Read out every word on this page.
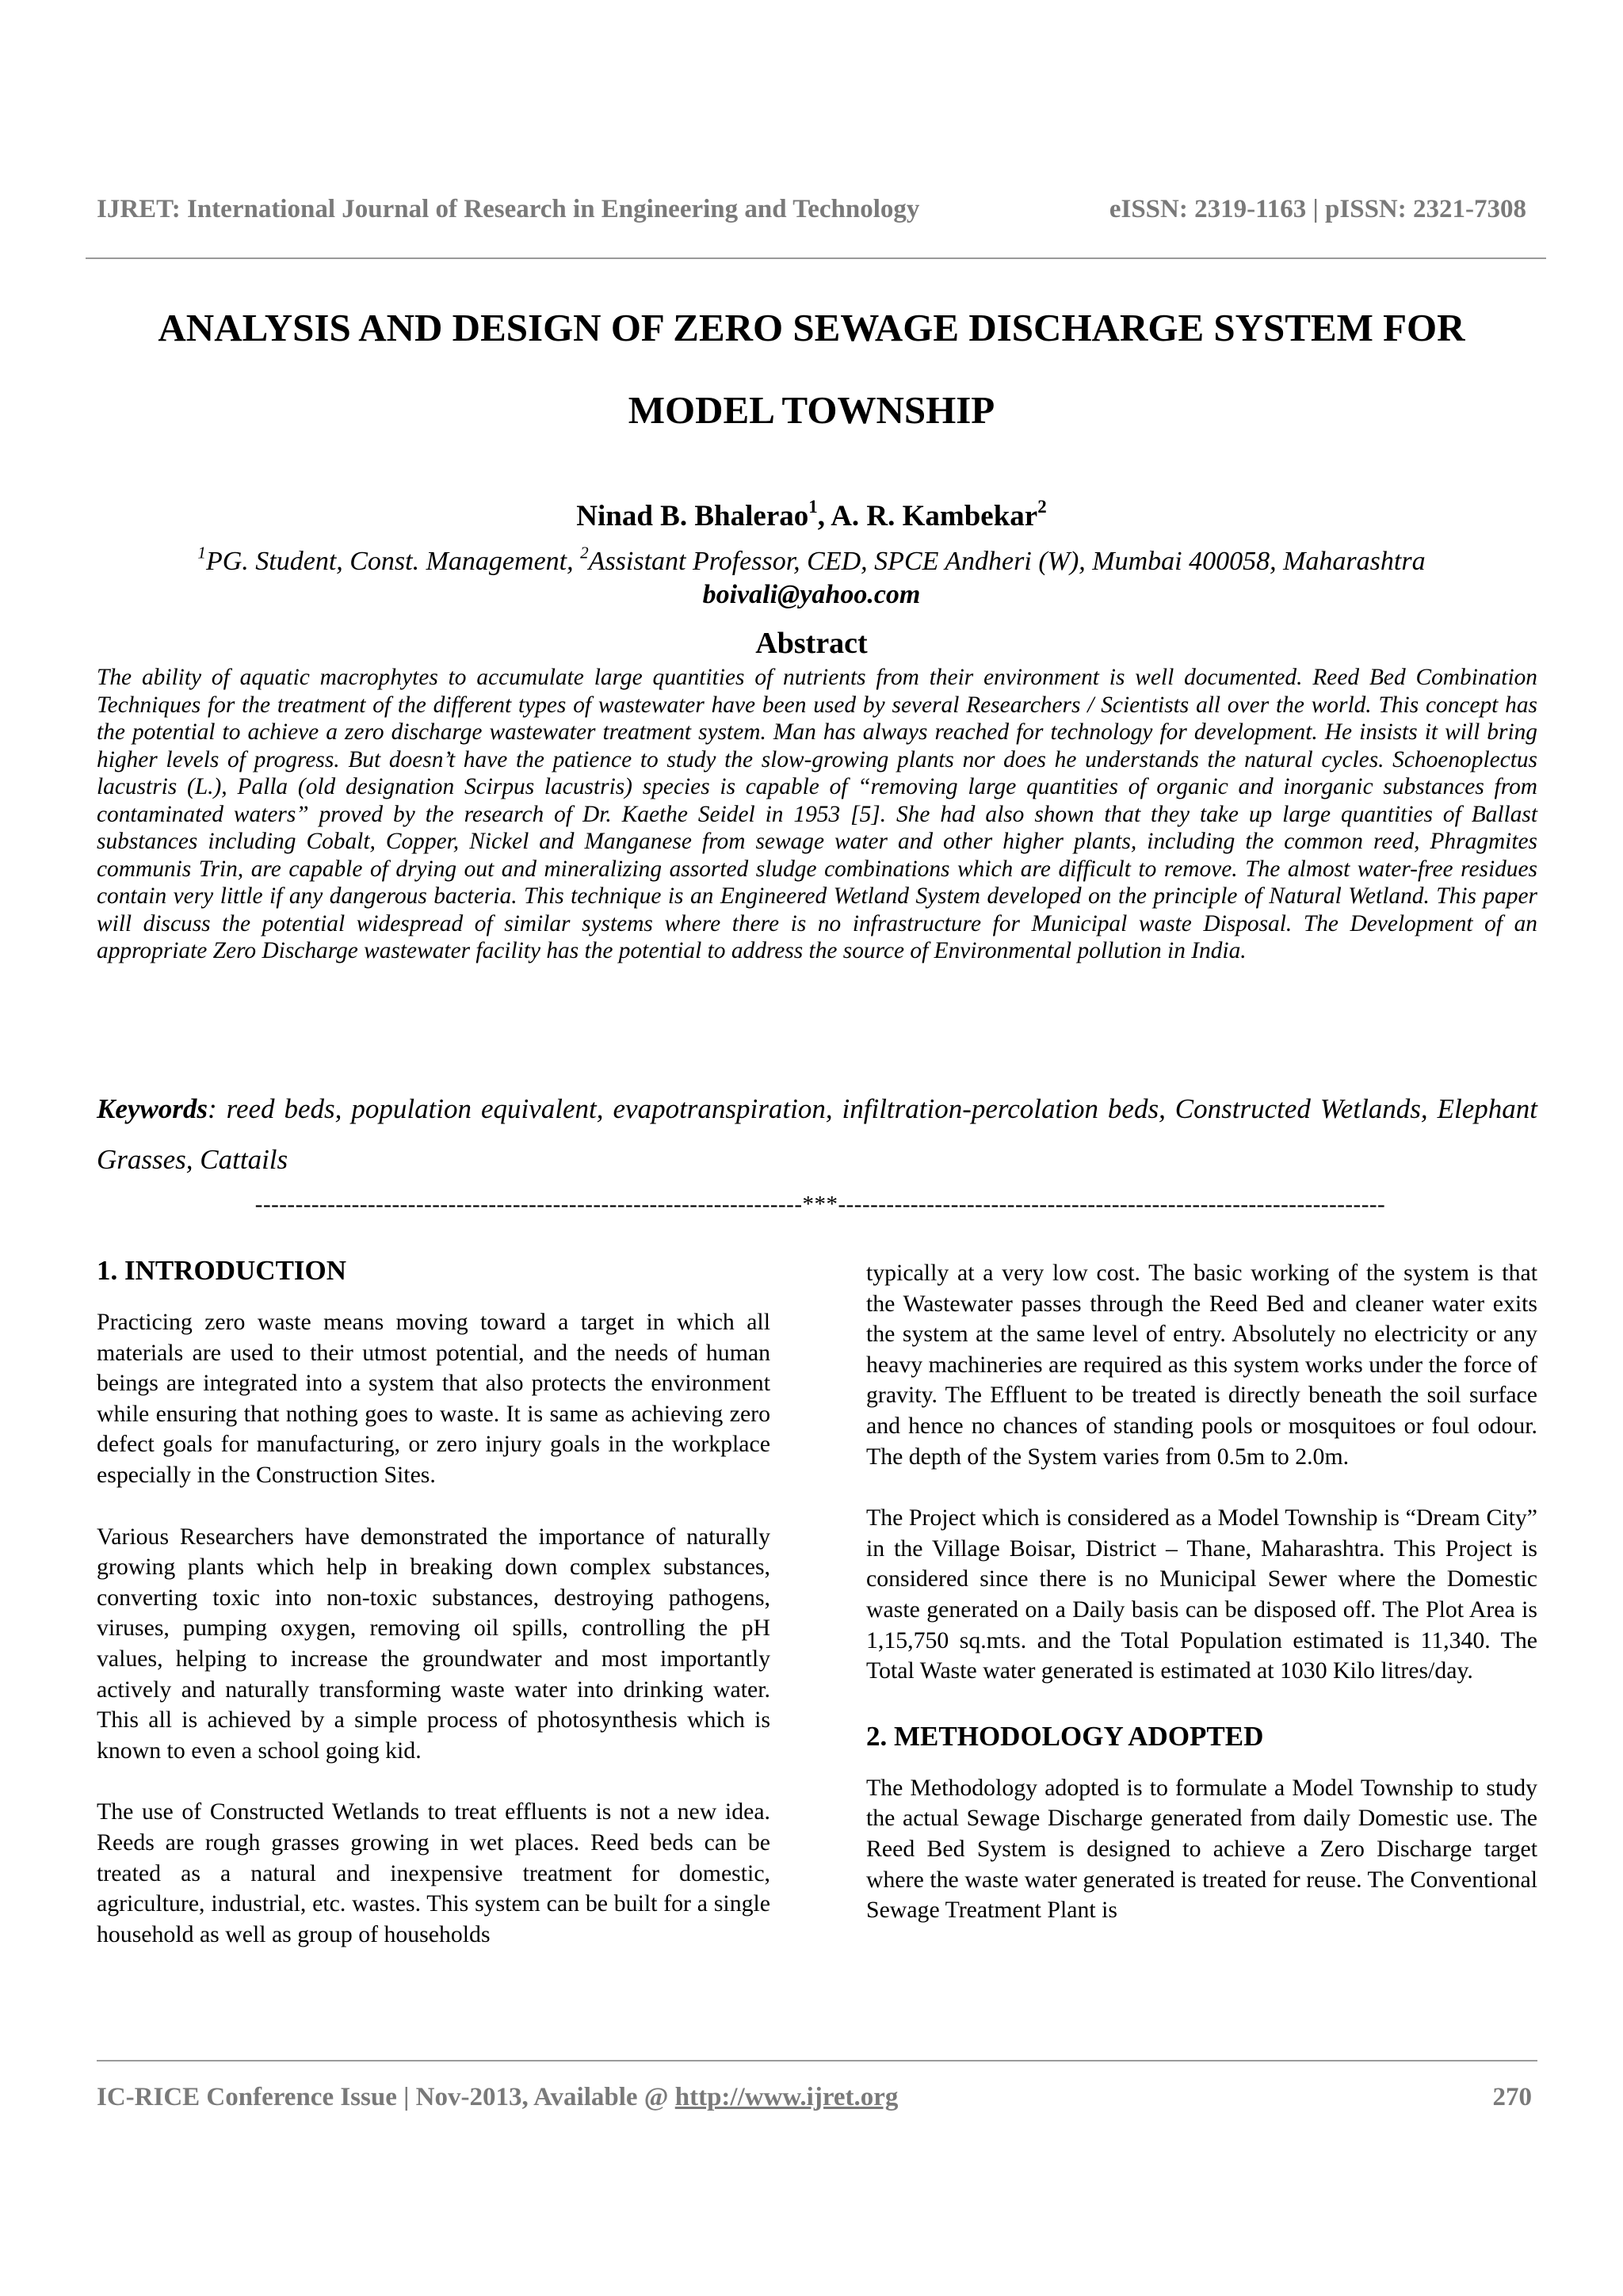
IJRET: International Journal of Research in Engineering and Technology	eISSN: 2319-1163 | pISSN: 2321-7308
ANALYSIS AND DESIGN OF ZERO SEWAGE DISCHARGE SYSTEM FOR
MODEL TOWNSHIP
Ninad B. Bhalerao$^1$, A. R. Kambekar$^2$
$^1$PG. Student, Const. Management, $^2$Assistant Professor, CED, SPCE Andheri (W), Mumbai 400058, Maharashtra
boivali@yahoo.com
Abstract

The ability of aquatic macrophytes to accumulate large quantities of nutrients from their environment is well documented. Reed Bed Combination Techniques for the treatment of the different types of wastewater have been used by several Researchers / Scientists all over the world. This concept has the potential to achieve a zero discharge wastewater treatment system. Man has always reached for technology for development. He insists it will bring higher levels of progress. But doesn’t have the patience to study the slow-growing plants nor does he understands the natural cycles. Schoenoplectus lacustris (L.), Palla (old designation Scirpus lacustris) species is capable of “removing large quantities of organic and inorganic substances from contaminated waters” proved by the research of Dr. Kaethe Seidel in 1953 [5]. She had also shown that they take up large quantities of Ballast substances including Cobalt, Copper, Nickel and Manganese from sewage water and other higher plants, including the common reed, Phragmites communis Trin, are capable of drying out and mineralizing assorted sludge combinations which are difficult to remove. The almost water-free residues contain very little if any dangerous bacteria. This technique is an Engineered Wetland System developed on the principle of Natural Wetland. This paper will discuss the potential widespread of similar systems where there is no infrastructure for Municipal waste Disposal. The Development of an appropriate Zero Discharge wastewater facility has the potential to address the source of Environmental pollution in India.

Keywords: reed beds, population equivalent, evapotranspiration, infiltration-percolation beds, Constructed Wetlands, Elephant Grasses, Cattails

--------------------------------------------------------------------***--------------------------------------------------------------------
1. INTRODUCTION

Practicing zero waste means moving toward a target in which all materials are used to their utmost potential, and the needs of human beings are integrated into a system that also protects the environment while ensuring that nothing goes to waste. It is same as achieving zero defect goals for manufacturing, or zero injury goals in the workplace especially in the Construction Sites.

Various Researchers have demonstrated the importance of naturally growing plants which help in breaking down complex substances, converting toxic into non-toxic substances, destroying pathogens, viruses, pumping oxygen, removing oil spills, controlling the pH values, helping to increase the groundwater and most importantly actively and naturally transforming waste water into drinking water. This all is achieved by a simple process of photosynthesis which is known to even a school going kid.

The use of Constructed Wetlands to treat effluents is not a new idea. Reeds are rough grasses growing in wet places. Reed beds can be treated as a natural and inexpensive treatment for domestic, agriculture, industrial, etc. wastes. This system can be built for a single household as well as group of households

typically at a very low cost. The basic working of the system is that the Wastewater passes through the Reed Bed and cleaner water exits the system at the same level of entry. Absolutely no electricity or any heavy machineries are required as this system works under the force of gravity. The Effluent to be treated is directly beneath the soil surface and hence no chances of standing pools or mosquitoes or foul odour. The depth of the System varies from 0.5m to 2.0m.

The Project which is considered as a Model Township is “Dream City” in the Village Boisar, District – Thane, Maharashtra. This Project is considered since there is no Municipal Sewer where the Domestic waste generated on a Daily basis can be disposed off. The Plot Area is 1,15,750 sq.mts. and the Total Population estimated is 11,340. The Total Waste water generated is estimated at 1030 Kilo litres/day.

2. METHODOLOGY ADOPTED

The Methodology adopted is to formulate a Model Township to study the actual Sewage Discharge generated from daily Domestic use. The Reed Bed System is designed to achieve a Zero Discharge target where the waste water generated is treated for reuse. The Conventional Sewage Treatment Plant is

IC-RICE Conference Issue | Nov-2013, Available @ http://www.ijret.org	270
